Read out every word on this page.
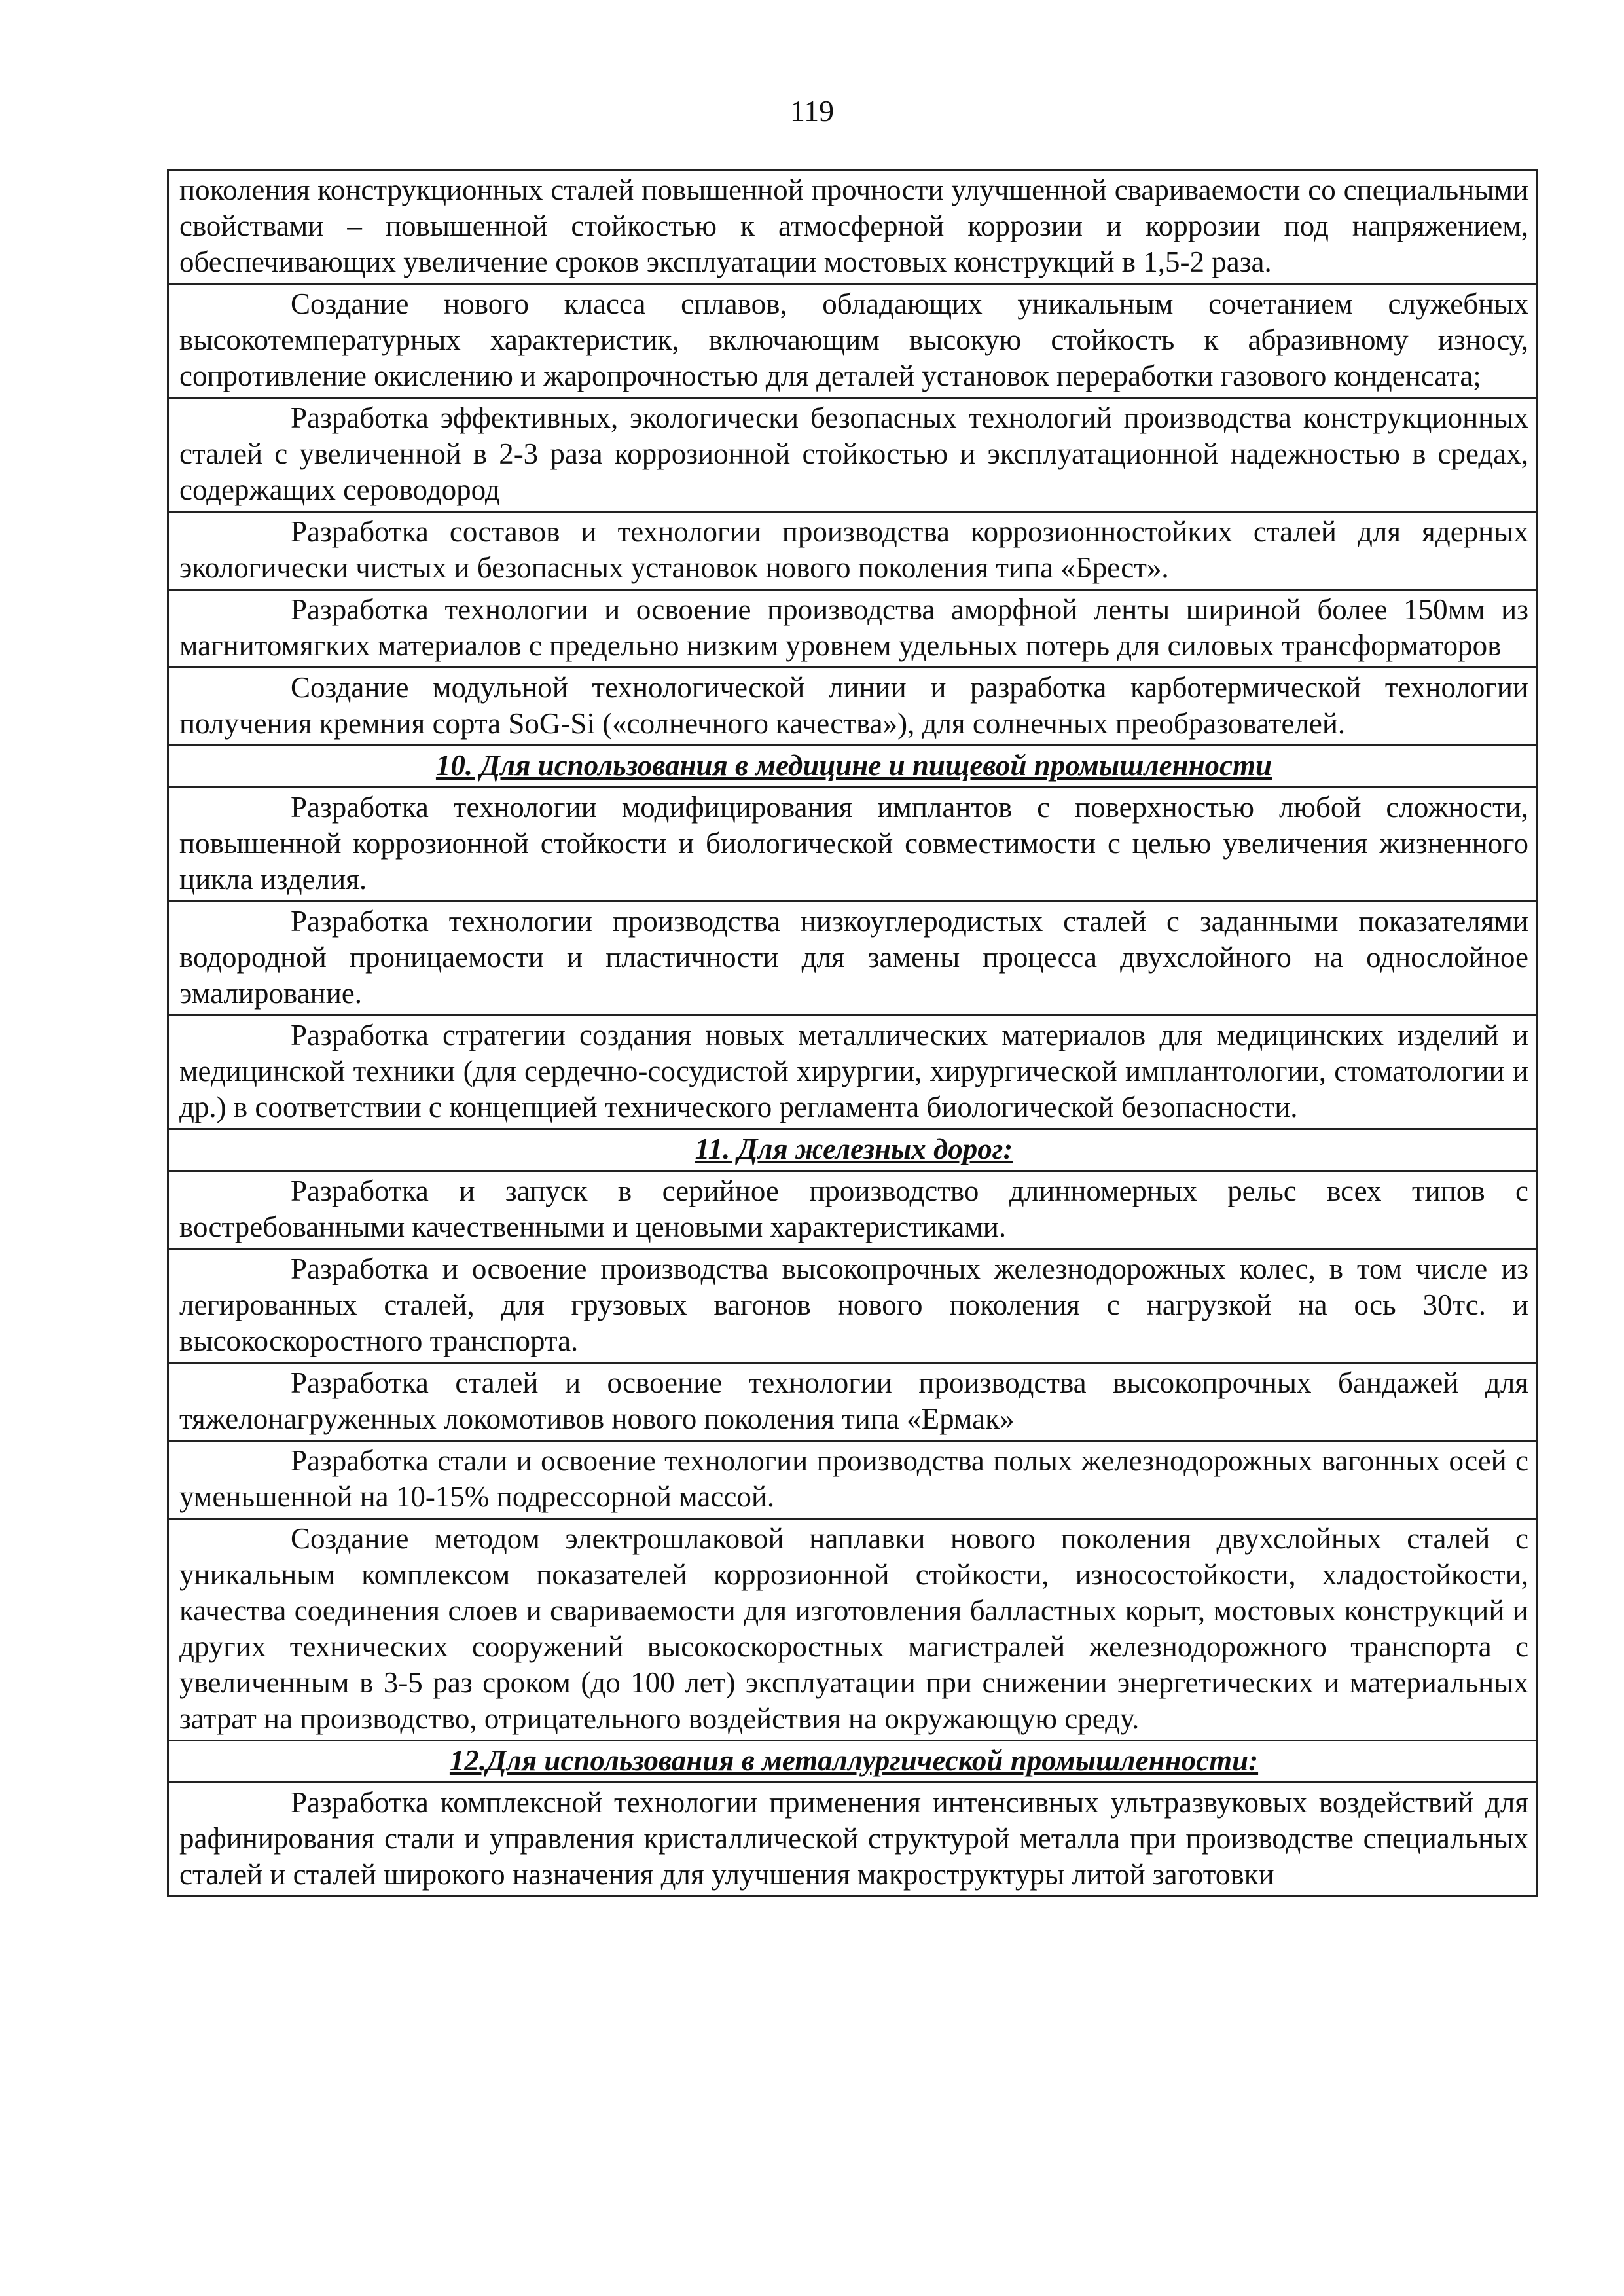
119
поколения конструкционных сталей повышенной прочности улучшенной свариваемости со специальными свойствами – повышенной стойкостью к атмосферной коррозии и коррозии под напряжением, обеспечивающих увеличение сроков эксплуатации мостовых конструкций в 1,5-2 раза.
Создание нового класса сплавов, обладающих уникальным сочетанием служебных высокотемпературных характеристик, включающим высокую стойкость к абразивному износу, сопротивление окислению и жаропрочностью для деталей установок переработки газового конденсата;
Разработка эффективных, экологически безопасных технологий производства конструкционных сталей с увеличенной в 2-3 раза коррозионной стойкостью и эксплуатационной надежностью в средах, содержащих сероводород
Разработка составов и технологии производства коррозионностойких сталей для ядерных экологически чистых и безопасных установок нового поколения типа «Брест».
Разработка технологии и освоение производства аморфной ленты шириной более 150мм из магнитомягких материалов с предельно низким уровнем удельных потерь для силовых трансформаторов
Создание модульной технологической линии и разработка карботермической технологии получения кремния сорта SoG-Si («солнечного качества»), для солнечных преобразователей.
10. Для использования в медицине и пищевой промышленности
Разработка технологии модифицирования имплантов с поверхностью любой сложности, повышенной коррозионной стойкости и биологической совместимости с целью увеличения жизненного цикла изделия.
Разработка технологии производства низкоуглеродистых сталей с заданными показателями водородной проницаемости и пластичности для замены процесса двухслойного на однослойное эмалирование.
Разработка стратегии создания новых металлических материалов для медицинских изделий и медицинской техники (для сердечно-сосудистой хирургии, хирургической имплантологии, стоматологии и др.) в соответствии с концепцией технического регламента биологической безопасности.
11. Для железных дорог:
Разработка и запуск в серийное производство длинномерных рельс всех типов с востребованными качественными и ценовыми характеристиками.
Разработка и освоение производства высокопрочных железнодорожных колес, в том числе из легированных сталей, для грузовых вагонов нового поколения с нагрузкой на ось 30тс. и высокоскоростного транспорта.
Разработка сталей и освоение технологии производства высокопрочных бандажей для тяжелонагруженных локомотивов нового поколения типа «Ермак»
Разработка стали и освоение технологии производства полых железнодорожных вагонных осей с уменьшенной на 10-15% подрессорной массой.
Создание методом электрошлаковой наплавки нового поколения двухслойных сталей с уникальным комплексом показателей коррозионной стойкости, износостойкости, хладостойкости, качества соединения слоев и свариваемости для изготовления балластных корыт, мостовых конструкций и других технических сооружений высокоскоростных магистралей железнодорожного транспорта с увеличенным в 3-5 раз сроком (до 100 лет) эксплуатации при снижении энергетических и материальных затрат на производство, отрицательного воздействия на окружающую среду.
12.Для использования в металлургической промышленности:
Разработка комплексной технологии применения интенсивных ультразвуковых воздействий для рафинирования стали и управления кристаллической структурой металла при производстве специальных сталей и сталей широкого назначения для улучшения макроструктуры литой заготовки
